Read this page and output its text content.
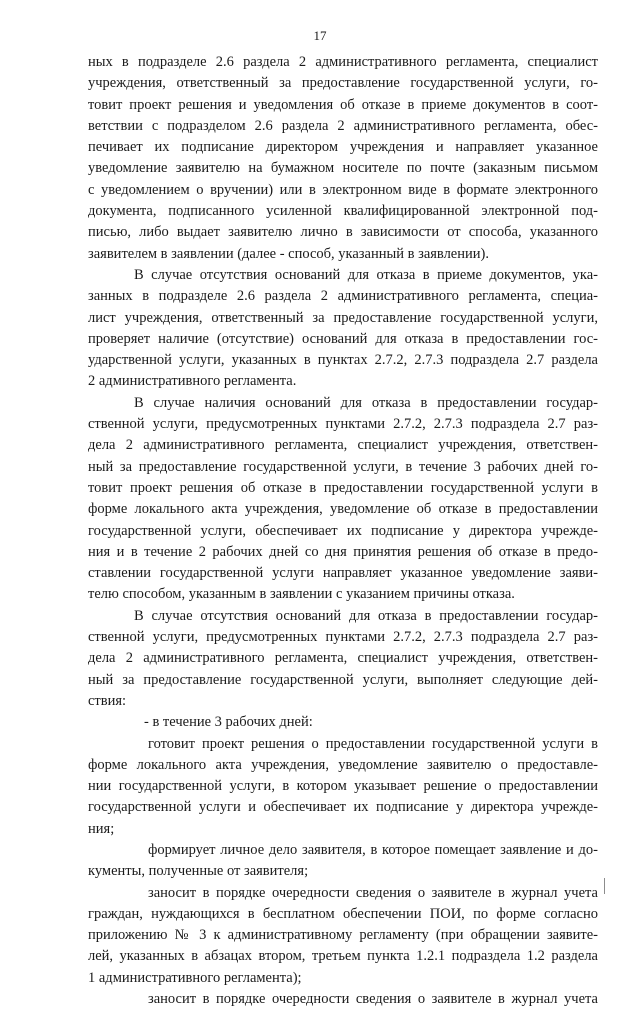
17
ных в подразделе 2.6 раздела 2 административного регламента, специалист
учреждения, ответственный за предоставление государственной услуги, го-
товит проект решения и уведомления об отказе в приеме документов в соот-
ветствии с подразделом 2.6 раздела 2 административного регламента, обес-
печивает их подписание директором учреждения и направляет указанное
уведомление заявителю на бумажном носителе по почте (заказным письмом
с уведомлением о вручении) или в электронном виде в формате электронного
документа, подписанного усиленной квалифицированной электронной под-
писью, либо выдает заявителю лично в зависимости от способа, указанного
заявителем в заявлении (далее - способ, указанный в заявлении).
В случае отсутствия оснований для отказа в приеме документов, ука-
занных в подразделе 2.6 раздела 2 административного регламента, специа-
лист учреждения, ответственный за предоставление государственной услуги,
проверяет наличие (отсутствие) оснований для отказа в предоставлении гос-
ударственной услуги, указанных в пунктах 2.7.2, 2.7.3 подраздела 2.7 раздела
2 административного регламента.
В случае наличия оснований для отказа в предоставлении государ-
ственной услуги, предусмотренных пунктами 2.7.2, 2.7.3 подраздела 2.7 раз-
дела 2 административного регламента, специалист учреждения, ответствен-
ный за предоставление государственной услуги, в течение 3 рабочих дней го-
товит проект решения об отказе в предоставлении государственной услуги в
форме локального акта учреждения, уведомление об отказе в предоставлении
государственной услуги, обеспечивает их подписание у директора учрежде-
ния и в течение 2 рабочих дней со дня принятия решения об отказе в предо-
ставлении государственной услуги направляет указанное уведомление заяви-
телю способом, указанным в заявлении с указанием причины отказа.
В случае отсутствия оснований для отказа в предоставлении государ-
ственной услуги, предусмотренных пунктами 2.7.2, 2.7.3 подраздела 2.7 раз-
дела 2 административного регламента, специалист учреждения, ответствен-
ный за предоставление государственной услуги, выполняет следующие дей-
ствия:
- в течение 3 рабочих дней:
готовит проект решения о предоставлении государственной услуги в
форме локального акта учреждения, уведомление заявителю о предоставле-
нии государственной услуги, в котором указывает решение о предоставлении
государственной услуги и обеспечивает их подписание у директора учрежде-
ния;
формирует личное дело заявителя, в которое помещает заявление и до-
кументы, полученные от заявителя;
заносит в порядке очередности сведения о заявителе в журнал учета
граждан, нуждающихся в бесплатном обеспечении ПОИ, по форме согласно
приложению № 3 к административному регламенту (при обращении заявите-
лей, указанных в абзацах втором, третьем пункта 1.2.1 подраздела 1.2 раздела
1 административного регламента);
заносит в порядке очередности сведения о заявителе в журнал учета
